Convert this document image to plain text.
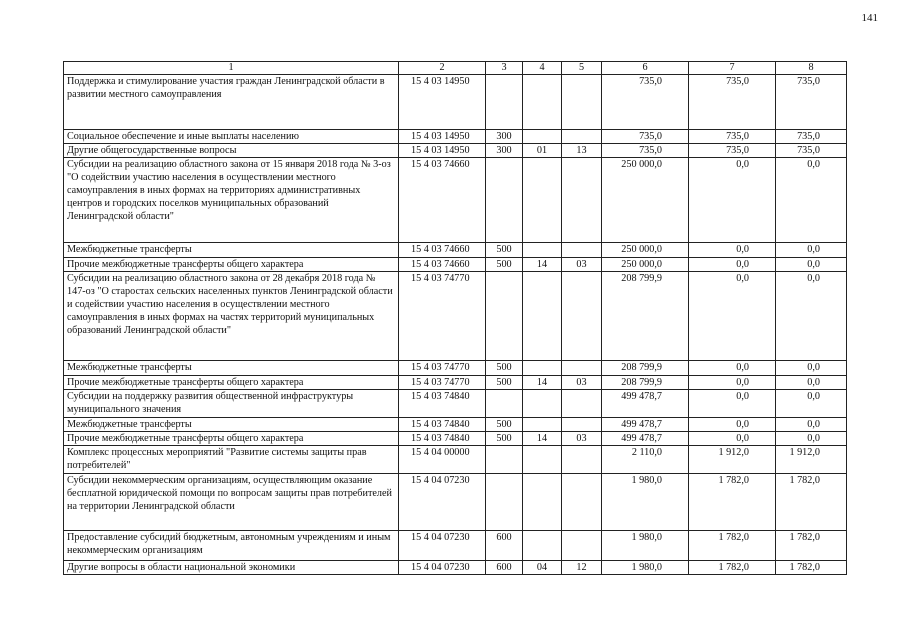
141
1	2	3	4	5	6	7	8
Поддержка и стимулирование участия граждан Ленинградской области в развитии местного самоуправления	15 4 03 14950				735,0	735,0	735,0
Социальное обеспечение и иные выплаты населению	15 4 03 14950	300			735,0	735,0	735,0
Другие общегосударственные вопросы	15 4 03 14950	300	01	13	735,0	735,0	735,0
Субсидии на реализацию областного закона от 15 января 2018 года № 3-оз "О содействии участию населения в осуществлении местного самоуправления в иных формах на территориях административных центров и городских поселков муниципальных образований Ленинградской области"	15 4 03 74660				250 000,0	0,0	0,0
Межбюджетные трансферты	15 4 03 74660	500			250 000,0	0,0	0,0
Прочие межбюджетные трансферты общего характера	15 4 03 74660	500	14	03	250 000,0	0,0	0,0
Субсидии на реализацию областного закона от 28 декабря 2018 года № 147-оз "О старостах сельских населенных пунктов Ленинградской области и содействии участию населения в осуществлении местного самоуправления в иных формах на частях территорий муниципальных образований Ленинградской области"	15 4 03 74770				208 799,9	0,0	0,0
Межбюджетные трансферты	15 4 03 74770	500			208 799,9	0,0	0,0
Прочие межбюджетные трансферты общего характера	15 4 03 74770	500	14	03	208 799,9	0,0	0,0
Субсидии на поддержку развития общественной инфраструктуры муниципального значения	15 4 03 74840				499 478,7	0,0	0,0
Межбюджетные трансферты	15 4 03 74840	500			499 478,7	0,0	0,0
Прочие межбюджетные трансферты общего характера	15 4 03 74840	500	14	03	499 478,7	0,0	0,0
Комплекс процессных мероприятий "Развитие системы защиты прав потребителей"	15 4 04 00000				2 110,0	1 912,0	1 912,0
Субсидии некоммерческим организациям, осуществляющим оказание бесплатной юридической помощи по вопросам защиты прав потребителей на территории Ленинградской области	15 4 04 07230				1 980,0	1 782,0	1 782,0
Предоставление субсидий бюджетным, автономным учреждениям и иным некоммерческим организациям	15 4 04 07230	600			1 980,0	1 782,0	1 782,0
Другие вопросы в области национальной экономики	15 4 04 07230	600	04	12	1 980,0	1 782,0	1 782,0
